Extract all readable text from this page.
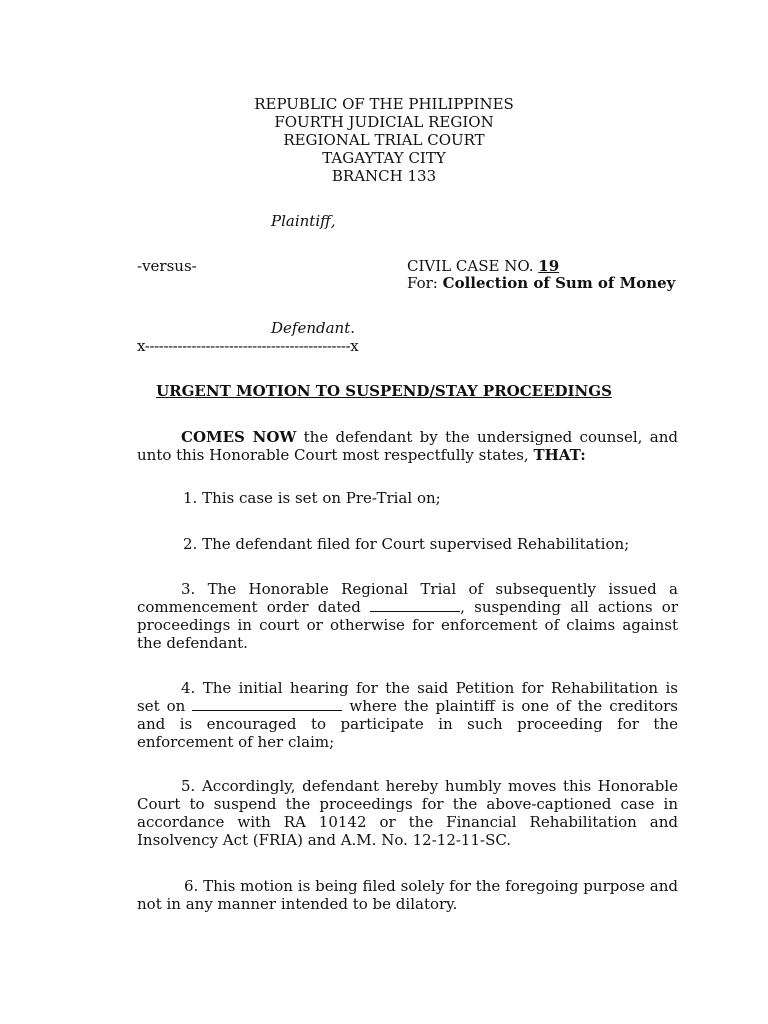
REPUBLIC OF THE PHILIPPINES
FOURTH JUDICIAL REGION
REGIONAL TRIAL COURT
TAGAYTAY CITY
BRANCH 133
Plaintiff,
-versus-	CIVIL CASE NO. 19
For: Collection of Sum of Money
Defendant.
x--------------------------------------------x
URGENT MOTION TO SUSPEND/STAY PROCEEDINGS
COMES NOW the defendant by the undersigned counsel, and unto this Honorable Court most respectfully states, THAT:
1. This case is set on Pre-Trial on;
2. The defendant filed for Court supervised Rehabilitation;
3. The Honorable Regional Trial of subsequently issued a commencement order dated	, suspending all actions or proceedings in court or otherwise for enforcement of claims against the defendant.
4. The initial hearing for the said Petition for Rehabilitation is set on	where the plaintiff is one of the creditors and is encouraged to participate in such proceeding for the enforcement of her claim;
5. Accordingly, defendant hereby humbly moves this Honorable Court to suspend the proceedings for the above-captioned case in accordance with RA 10142 or the Financial Rehabilitation and Insolvency Act (FRIA) and A.M. No. 12-12-11-SC.
6. This motion is being filed solely for the foregoing purpose and not in any manner intended to be dilatory.
